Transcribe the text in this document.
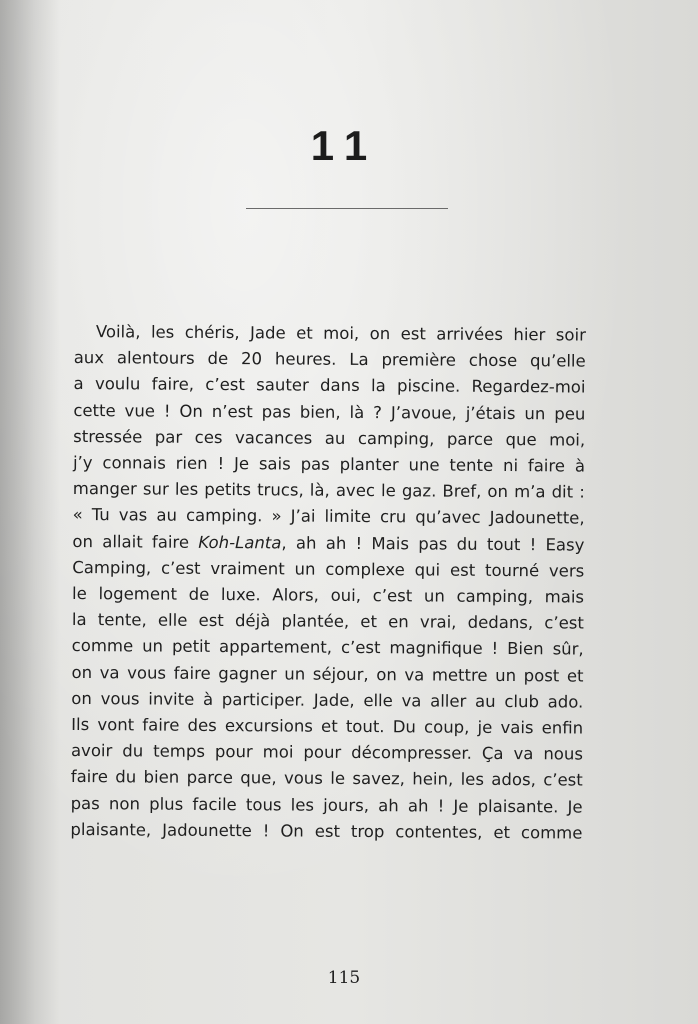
11
Voilà, les chéris, Jade et moi, on est arrivées hier soir
aux alentours de 20 heures. La première chose qu’elle
a voulu faire, c’est sauter dans la piscine. Regardez-moi
cette vue ! On n’est pas bien, là ? J’avoue, j’étais un peu
stressée par ces vacances au camping, parce que moi,
j’y connais rien ! Je sais pas planter une tente ni faire à
manger sur les petits trucs, là, avec le gaz. Bref, on m’a dit :
« Tu vas au camping. » J’ai limite cru qu’avec Jadounette,
on allait faire Koh-Lanta, ah ah ! Mais pas du tout ! Easy
Camping, c’est vraiment un complexe qui est tourné vers
le logement de luxe. Alors, oui, c’est un camping, mais
la tente, elle est déjà plantée, et en vrai, dedans, c’est
comme un petit appartement, c’est magnifique ! Bien sûr,
on va vous faire gagner un séjour, on va mettre un post et
on vous invite à participer. Jade, elle va aller au club ado.
Ils vont faire des excursions et tout. Du coup, je vais enfin
avoir du temps pour moi pour décompresser. Ça va nous
faire du bien parce que, vous le savez, hein, les ados, c’est
pas non plus facile tous les jours, ah ah ! Je plaisante. Je
plaisante, Jadounette ! On est trop contentes, et comme
115
